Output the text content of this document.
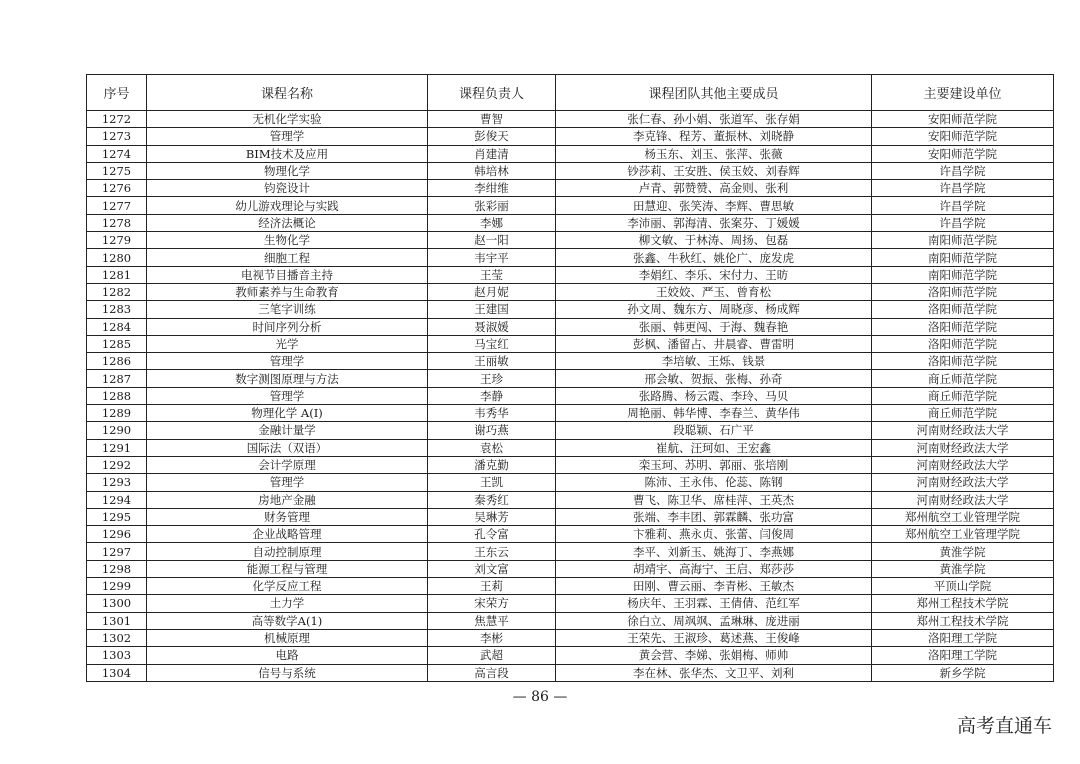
序号	课程名称	课程负责人	课程团队其他主要成员	主要建设单位
1272	无机化学实验	曹智	张仁春、孙小娟、张道军、张存娟	安阳师范学院
1273	管理学	彭俊天	李克锋、程芳、董振林、刘晓静	安阳师范学院
1274	BIM技术及应用	肖建清	杨玉东、刘玉、张萍、张薇	安阳师范学院
1275	物理化学	韩培林	钞莎莉、王安胜、侯玉姣、刘春辉	许昌学院
1276	钧瓷设计	李绀维	卢青、郭赞赞、高金则、张利	许昌学院
1277	幼儿游戏理论与实践	张彩丽	田慧迎、张笑涛、李辉、曹思敏	许昌学院
1278	经济法概论	李娜	李沛丽、郭海清、张案芬、丁媛媛	许昌学院
1279	生物化学	赵一阳	柳文敏、于林涛、周扬、包磊	南阳师范学院
1280	细胞工程	韦宇平	张鑫、牛秋红、姚伦广、庞发虎	南阳师范学院
1281	电视节目播音主持	王莹	李娟红、李乐、宋付力、王昉	南阳师范学院
1282	教师素养与生命教育	赵月妮	王姣姣、严玉、曾育松	洛阳师范学院
1283	三笔字训练	王建国	孙文周、魏东方、周晓彦、杨成辉	洛阳师范学院
1284	时间序列分析	聂淑媛	张丽、韩更闯、于海、魏春艳	洛阳师范学院
1285	光学	马宝红	彭枫、潘留占、井晨睿、曹雷明	洛阳师范学院
1286	管理学	王丽敏	李培敏、王烁、钱景	洛阳师范学院
1287	数字测图原理与方法	王珍	邢会敏、贺振、张梅、孙奇	商丘师范学院
1288	管理学	李静	张路腾、杨云霞、李玲、马贝	商丘师范学院
1289	物理化学 A(I)	韦秀华	周艳丽、韩华博、李春兰、黄华伟	商丘师范学院
1290	金融计量学	谢巧燕	段聪颖、石广平	河南财经政法大学
1291	国际法（双语）	袁松	崔航、汪珂如、王宏鑫	河南财经政法大学
1292	会计学原理	潘克勤	栾玉珂、苏明、郭丽、张培刚	河南财经政法大学
1293	管理学	王凯	陈沛、王永伟、伦蕊、陈钢	河南财经政法大学
1294	房地产金融	秦秀红	曹飞、陈卫华、席桂萍、王英杰	河南财经政法大学
1295	财务管理	吴琳芳	张端、李丰团、郭霖麟、张功富	郑州航空工业管理学院
1296	企业战略管理	孔令富	卞雅莉、燕永贞、张蕾、闫俊周	郑州航空工业管理学院
1297	自动控制原理	王东云	李平、刘新玉、姚海丁、李燕娜	黄淮学院
1298	能源工程与管理	刘文富	胡靖宇、高海宁、王启、郑莎莎	黄淮学院
1299	化学反应工程	王莉	田刚、曹云丽、李青彬、王敏杰	平顶山学院
1300	土力学	宋荣方	杨庆年、王羽霖、王倩倩、范红军	郑州工程技术学院
1301	高等数学A(1)	焦慧平	徐白立、周飒飒、孟琳琳、庞进丽	郑州工程技术学院
1302	机械原理	李彬	王荣先、王淑珍、葛述燕、王俊峰	洛阳理工学院
1303	电路	武超	黄会营、李娣、张娟梅、师帅	洛阳理工学院
1304	信号与系统	高言段	李在林、张华杰、文卫平、刘利	新乡学院
— 86 —
高考直通车
